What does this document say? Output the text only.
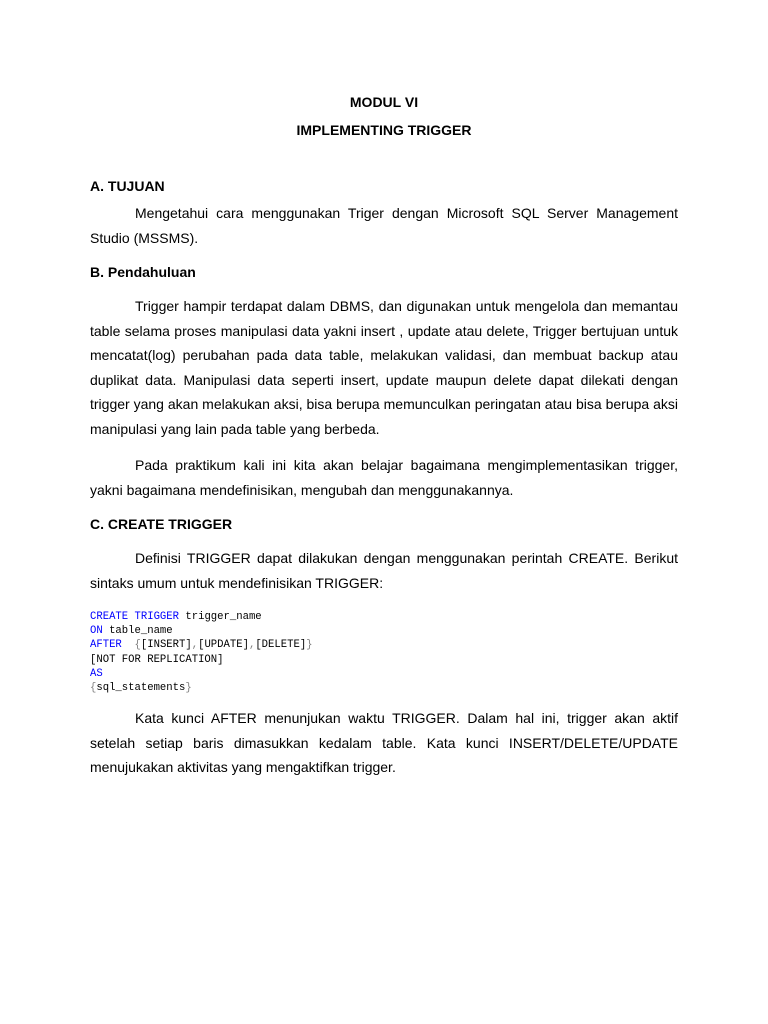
MODUL VI
IMPLEMENTING TRIGGER
A. TUJUAN

Mengetahui cara menggunakan Triger dengan Microsoft SQL Server Management Studio (MSSMS).

B. Pendahuluan

Trigger hampir terdapat dalam DBMS, dan digunakan untuk mengelola dan memantau table selama proses manipulasi data yakni insert , update atau delete, Trigger bertujuan untuk mencatat(log) perubahan pada data table, melakukan validasi, dan membuat backup atau duplikat data. Manipulasi data seperti insert, update maupun delete dapat dilekati dengan trigger yang akan melakukan aksi, bisa berupa memunculkan peringatan atau bisa berupa aksi manipulasi yang lain pada table yang berbeda.

Pada praktikum kali ini kita akan belajar bagaimana mengimplementasikan trigger, yakni bagaimana mendefinisikan, mengubah dan menggunakannya.

C. CREATE TRIGGER

Definisi TRIGGER dapat dilakukan dengan menggunakan perintah CREATE. Berikut sintaks umum untuk mendefinisikan TRIGGER:

CREATE TRIGGER trigger_name
ON table_name
AFTER {[INSERT],[UPDATE],[DELETE]}
[NOT FOR REPLICATION]
AS
{sql_statements}

Kata kunci AFTER menunjukan waktu TRIGGER. Dalam hal ini, trigger akan aktif setelah setiap baris dimasukkan kedalam table. Kata kunci INSERT/DELETE/UPDATE menujukakan aktivitas yang mengaktifkan trigger.
